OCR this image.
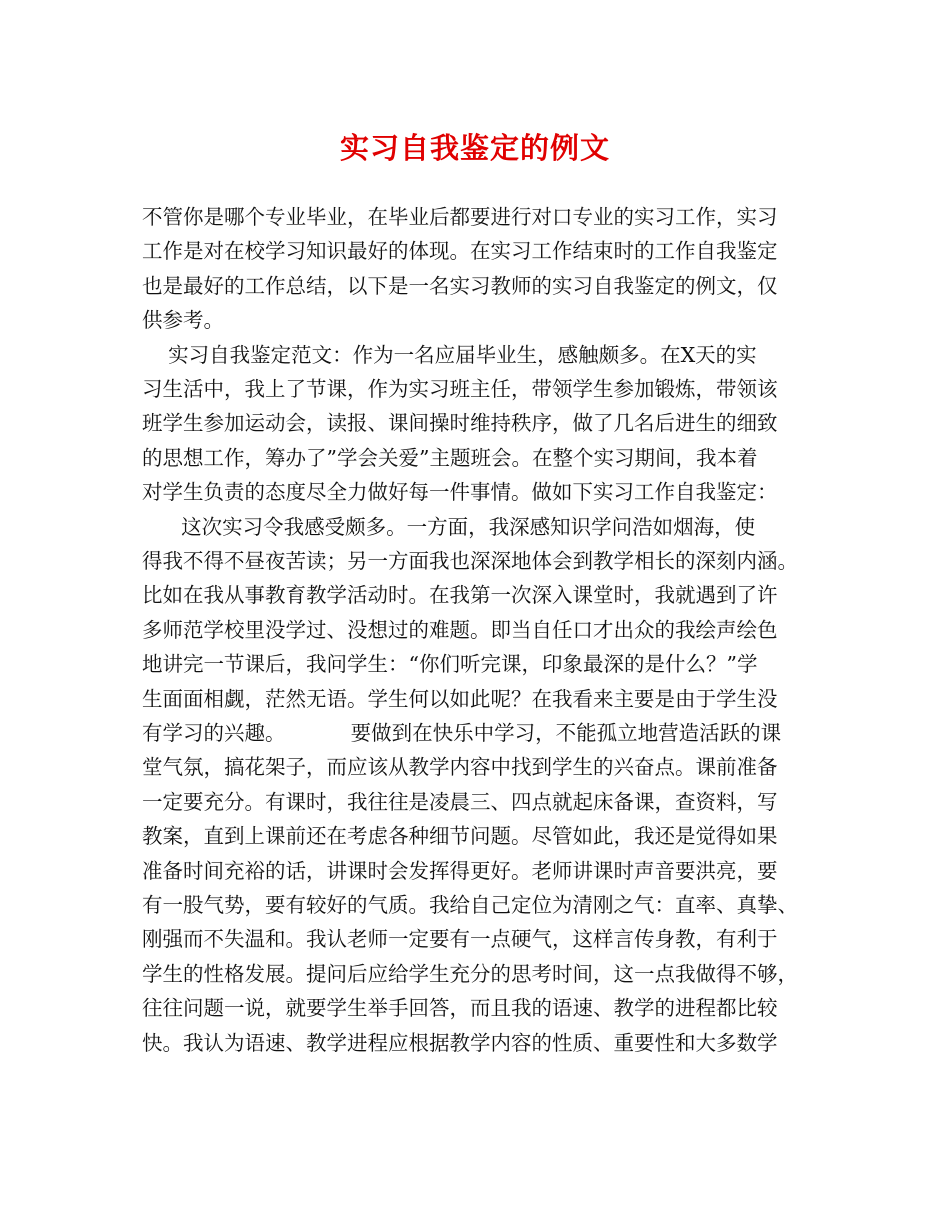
实习自我鉴定的例文
不管你是哪个专业毕业，在毕业后都要进行对口专业的实习工作，实习
工作是对在校学习知识最好的体现。在实习工作结束时的工作自我鉴定
也是最好的工作总结，以下是一名实习教师的实习自我鉴定的例文，仅
供参考。
实习自我鉴定范文：作为一名应届毕业生，感触颇多。在X天的实
习生活中，我上了节课，作为实习班主任，带领学生参加锻炼，带领该
班学生参加运动会，读报、课间操时维持秩序，做了几名后进生的细致
的思想工作，筹办了”学会关爱”主题班会。在整个实习期间，我本着
对学生负责的态度尽全力做好每一件事情。做如下实习工作自我鉴定：
这次实习令我感受颇多。一方面，我深感知识学问浩如烟海，使
得我不得不昼夜苦读；另一方面我也深深地体会到教学相长的深刻内涵。
比如在我从事教育教学活动时。在我第一次深入课堂时，我就遇到了许
多师范学校里没学过、没想过的难题。即当自任口才出众的我绘声绘色
地讲完一节课后，我问学生：“你们听完课，印象最深的是什么？”学
生面面相觑，茫然无语。学生何以如此呢？在我看来主要是由于学生没
有学习的兴趣。          要做到在快乐中学习，不能孤立地营造活跃的课
堂气氛，搞花架子，而应该从教学内容中找到学生的兴奋点。课前准备
一定要充分。有课时，我往往是凌晨三、四点就起床备课，查资料，写
教案，直到上课前还在考虑各种细节问题。尽管如此，我还是觉得如果
准备时间充裕的话，讲课时会发挥得更好。老师讲课时声音要洪亮，要
有一股气势，要有较好的气质。我给自己定位为清刚之气：直率、真挚、
刚强而不失温和。我认老师一定要有一点硬气，这样言传身教，有利于
学生的性格发展。提问后应给学生充分的思考时间，这一点我做得不够，
往往问题一说，就要学生举手回答，而且我的语速、教学的进程都比较
快。我认为语速、教学进程应根据教学内容的性质、重要性和大多数学
